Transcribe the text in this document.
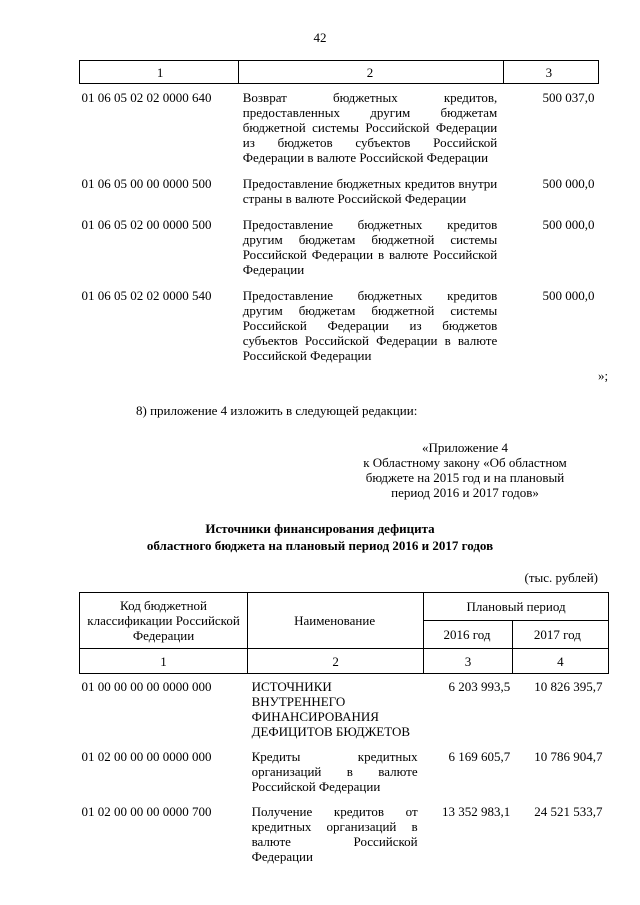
42
1	2	3
01 06 05 02 02 0000 640	Возврат бюджетных кредитов, предоставленных другим бюджетам бюджетной системы Российской Федерации из бюджетов субъектов Российской Федерации в валюте Российской Федерации	500 037,0
01 06 05 00 00 0000 500	Предоставление бюджетных кредитов внутри страны в валюте Российской Федерации	500 000,0
01 06 05 02 00 0000 500	Предоставление бюджетных кредитов другим бюджетам бюджетной системы Российской Федерации в валюте Российской Федерации	500 000,0
01 06 05 02 02 0000 540	Предоставление бюджетных кредитов другим бюджетам бюджетной системы Российской Федерации из бюджетов субъектов Российской Федерации в валюте Российской Федерации	500 000,0
»;
8) приложение 4 изложить в следующей редакции:
«Приложение 4
к Областному закону «Об областном
бюджете на 2015 год и на плановый
период 2016 и 2017 годов»
Источники финансирования дефицита
областного бюджета на плановый период 2016 и 2017 годов
(тыс. рублей)
Код бюджетной классификации Российской Федерации	Наименование	Плановый период	
		2016 год	2017 год
1	2	3	4
01 00 00 00 00 0000 000	ИСТОЧНИКИ ВНУТРЕННЕГО ФИНАНСИРОВАНИЯ ДЕФИЦИТОВ БЮДЖЕТОВ	6 203 993,5	10 826 395,7
01 02 00 00 00 0000 000	Кредиты кредитных организаций в валюте Российской Федерации	6 169 605,7	10 786 904,7
01 02 00 00 00 0000 700	Получение кредитов от кредитных организаций в валюте Российской Федерации	13 352 983,1	24 521 533,7
